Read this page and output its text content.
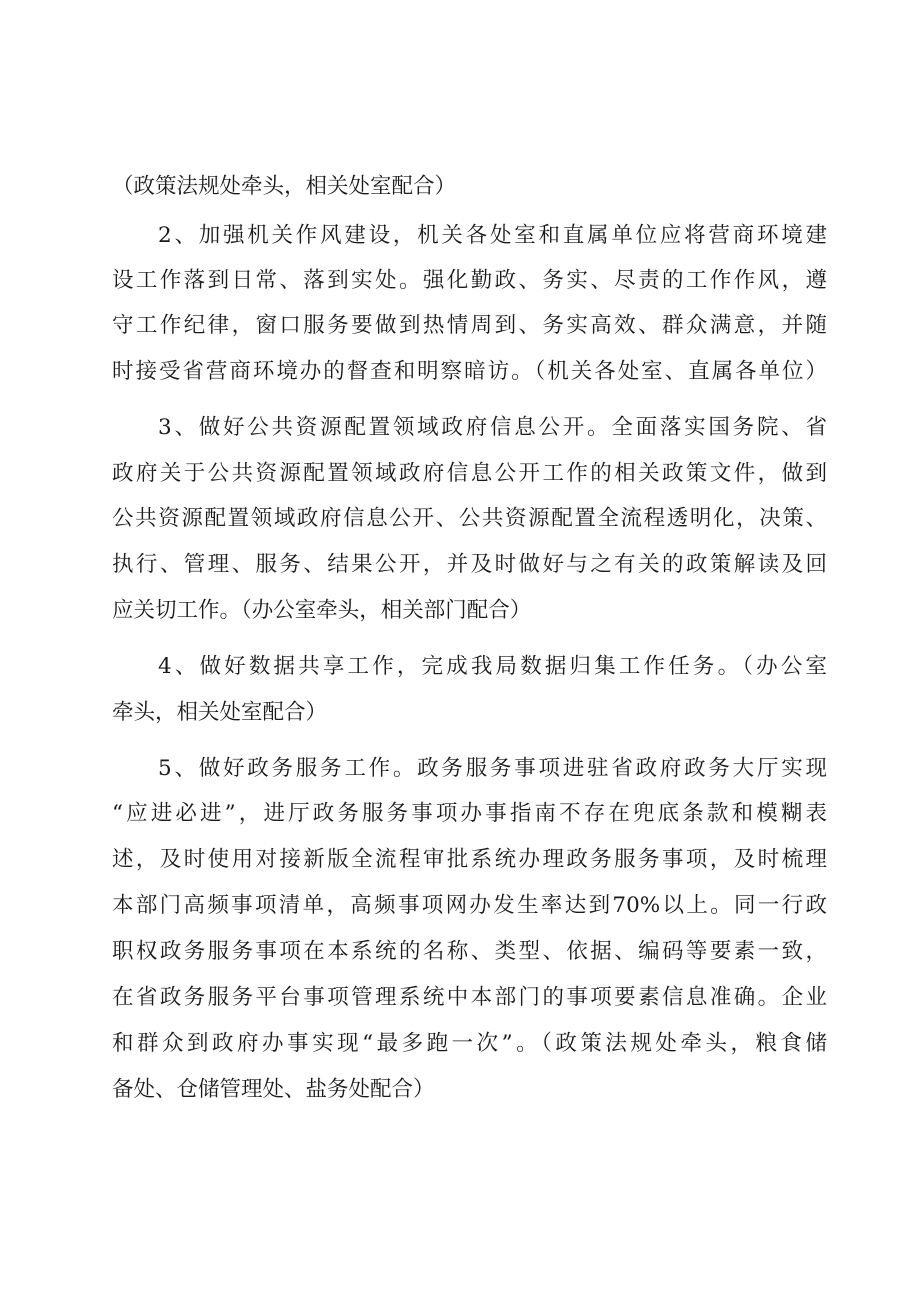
（政策法规处牵头，相关处室配合）
2、加强机关作风建设，机关各处室和直属单位应将营商环境建
设工作落到日常、落到实处。强化勤政、务实、尽责的工作作风，遵
守工作纪律，窗口服务要做到热情周到、务实高效、群众满意，并随
时接受省营商环境办的督查和明察暗访。（机关各处室、直属各单位）
3、做好公共资源配置领域政府信息公开。全面落实国务院、省
政府关于公共资源配置领域政府信息公开工作的相关政策文件，做到
公共资源配置领域政府信息公开、公共资源配置全流程透明化，决策、
执行、管理、服务、结果公开，并及时做好与之有关的政策解读及回
应关切工作。（办公室牵头，相关部门配合）
4、做好数据共享工作，完成我局数据归集工作任务。（办公室
牵头，相关处室配合）
5、做好政务服务工作。政务服务事项进驻省政府政务大厅实现
“应进必进”，进厅政务服务事项办事指南不存在兜底条款和模糊表
述，及时使用对接新版全流程审批系统办理政务服务事项，及时梳理
本部门高频事项清单，高频事项网办发生率达到70%以上。同一行政
职权政务服务事项在本系统的名称、类型、依据、编码等要素一致，
在省政务服务平台事项管理系统中本部门的事项要素信息准确。企业
和群众到政府办事实现“最多跑一次”。（政策法规处牵头，粮食储
备处、仓储管理处、盐务处配合）
